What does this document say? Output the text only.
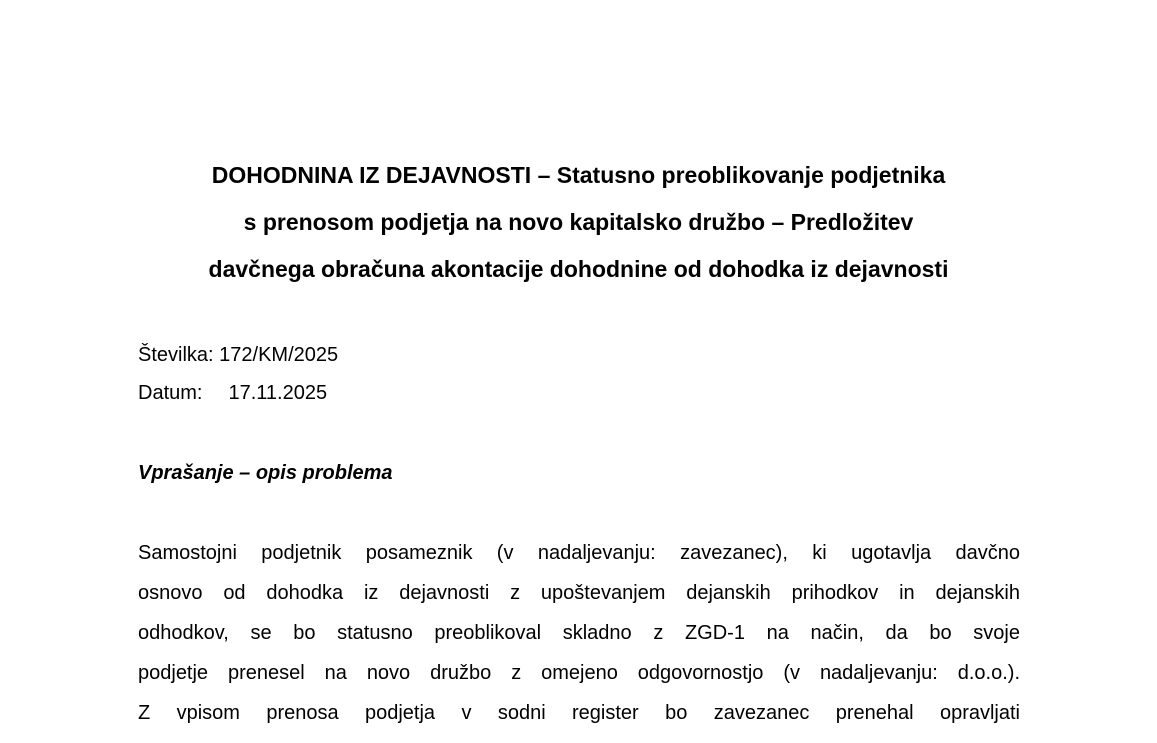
DOHODNINA IZ DEJAVNOSTI – Statusno preoblikovanje podjetnika
s prenosom podjetja na novo kapitalsko družbo – Predložitev
davčnega obračuna akontacije dohodnine od dohodka iz dejavnosti
Številka: 172/KM/2025
Datum: 17.11.2025
Vprašanje – opis problema
Samostojni podjetnik posameznik (v nadaljevanju: zavezanec), ki ugotavlja davčno
osnovo od dohodka iz dejavnosti z upoštevanjem dejanskih prihodkov in dejanskih
odhodkov, se bo statusno preoblikoval skladno z ZGD-1 na način, da bo svoje
podjetje prenesel na novo družbo z omejeno odgovornostjo (v nadaljevanju: d.o.o.).
Z vpisom prenosa podjetja v sodni register bo zavezanec prenehal opravljati
